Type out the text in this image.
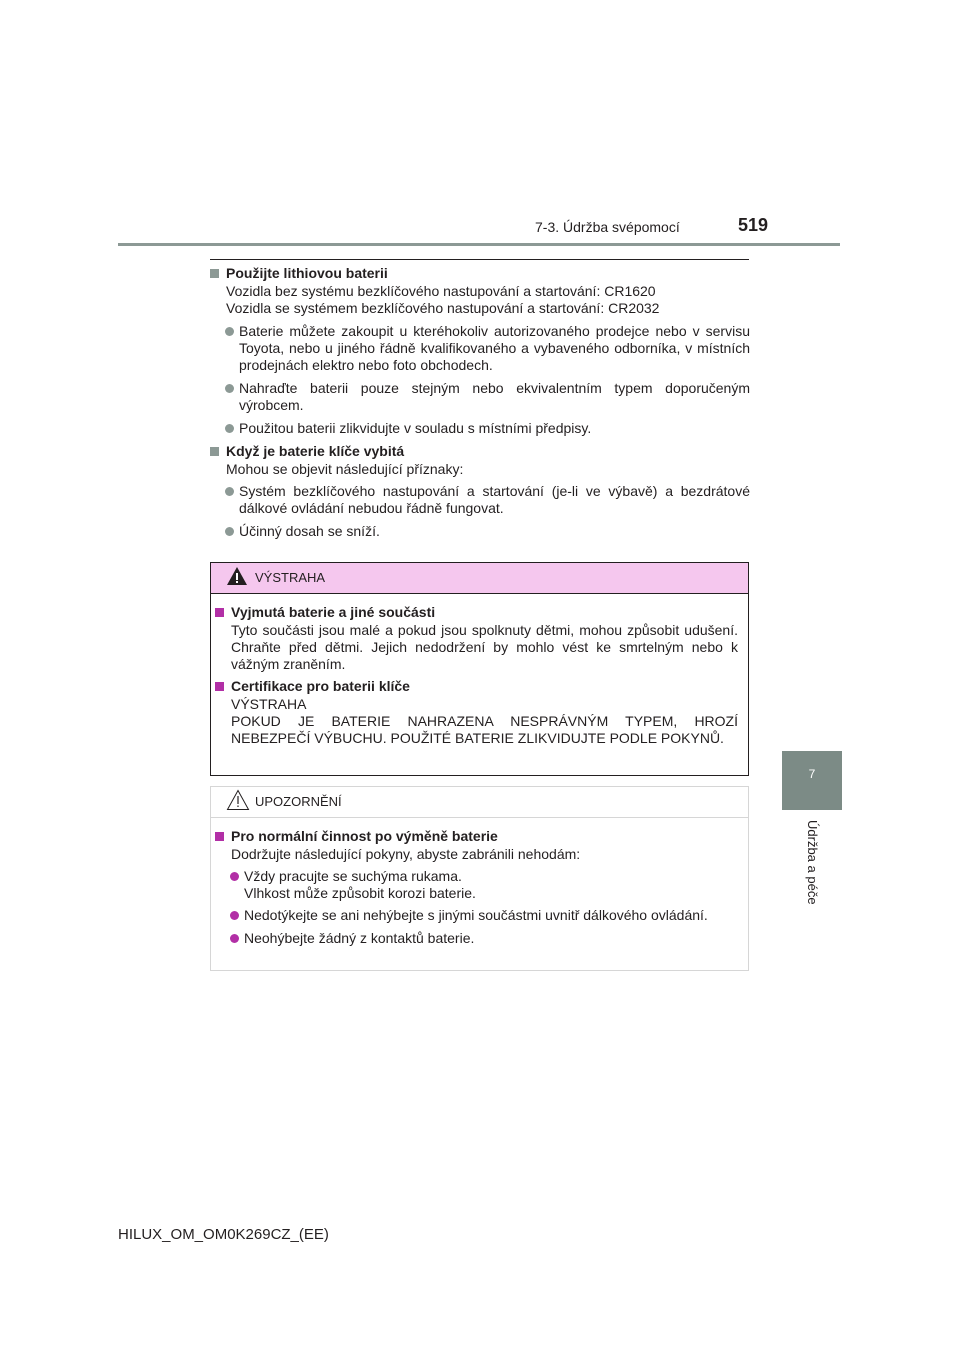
7-3. Údržba svépomocí	519
7
Údržba a péče
Použijte lithiovou baterii
Vozidla bez systému bezklíčového nastupování a startování: CR1620
Vozidla se systémem bezklíčového nastupování a startování: CR2032
Baterie můžete zakoupit u kteréhokoliv autorizovaného prodejce nebo v servisu Toyota, nebo u jiného řádně kvalifikovaného a vybaveného odborníka, v místních prodejnách elektro nebo foto obchodech.
Nahraďte baterii pouze stejným nebo ekvivalentním typem doporučeným výrobcem.
Použitou baterii zlikvidujte v souladu s místními předpisy.
Když je baterie klíče vybitá
Mohou se objevit následující příznaky:
Systém bezklíčového nastupování a startování (je-li ve výbavě) a bezdrátové dálkové ovládání nebudou řádně fungovat.
Účinný dosah se sníží.
VÝSTRAHA
Vyjmutá baterie a jiné součásti
Tyto součásti jsou malé a pokud jsou spolknuty dětmi, mohou způsobit udušení. Chraňte před dětmi. Jejich nedodržení by mohlo vést ke smrtelným nebo k vážným zraněním.
Certifikace pro baterii klíče
VÝSTRAHA
POKUD JE BATERIE NAHRAZENA NESPRÁVNÝM TYPEM, HROZÍ NEBEZPEČÍ VÝBUCHU. POUŽITÉ BATERIE ZLIKVIDUJTE PODLE POKYNŮ.
UPOZORNĚNÍ
Pro normální činnost po výměně baterie
Dodržujte následující pokyny, abyste zabránili nehodám:
Vždy pracujte se suchýma rukama.
Vlhkost může způsobit korozi baterie.
Nedotýkejte se ani nehýbejte s jinými součástmi uvnitř dálkového ovládání.
Neohýbejte žádný z kontaktů baterie.
HILUX_OM_OM0K269CZ_(EE)
